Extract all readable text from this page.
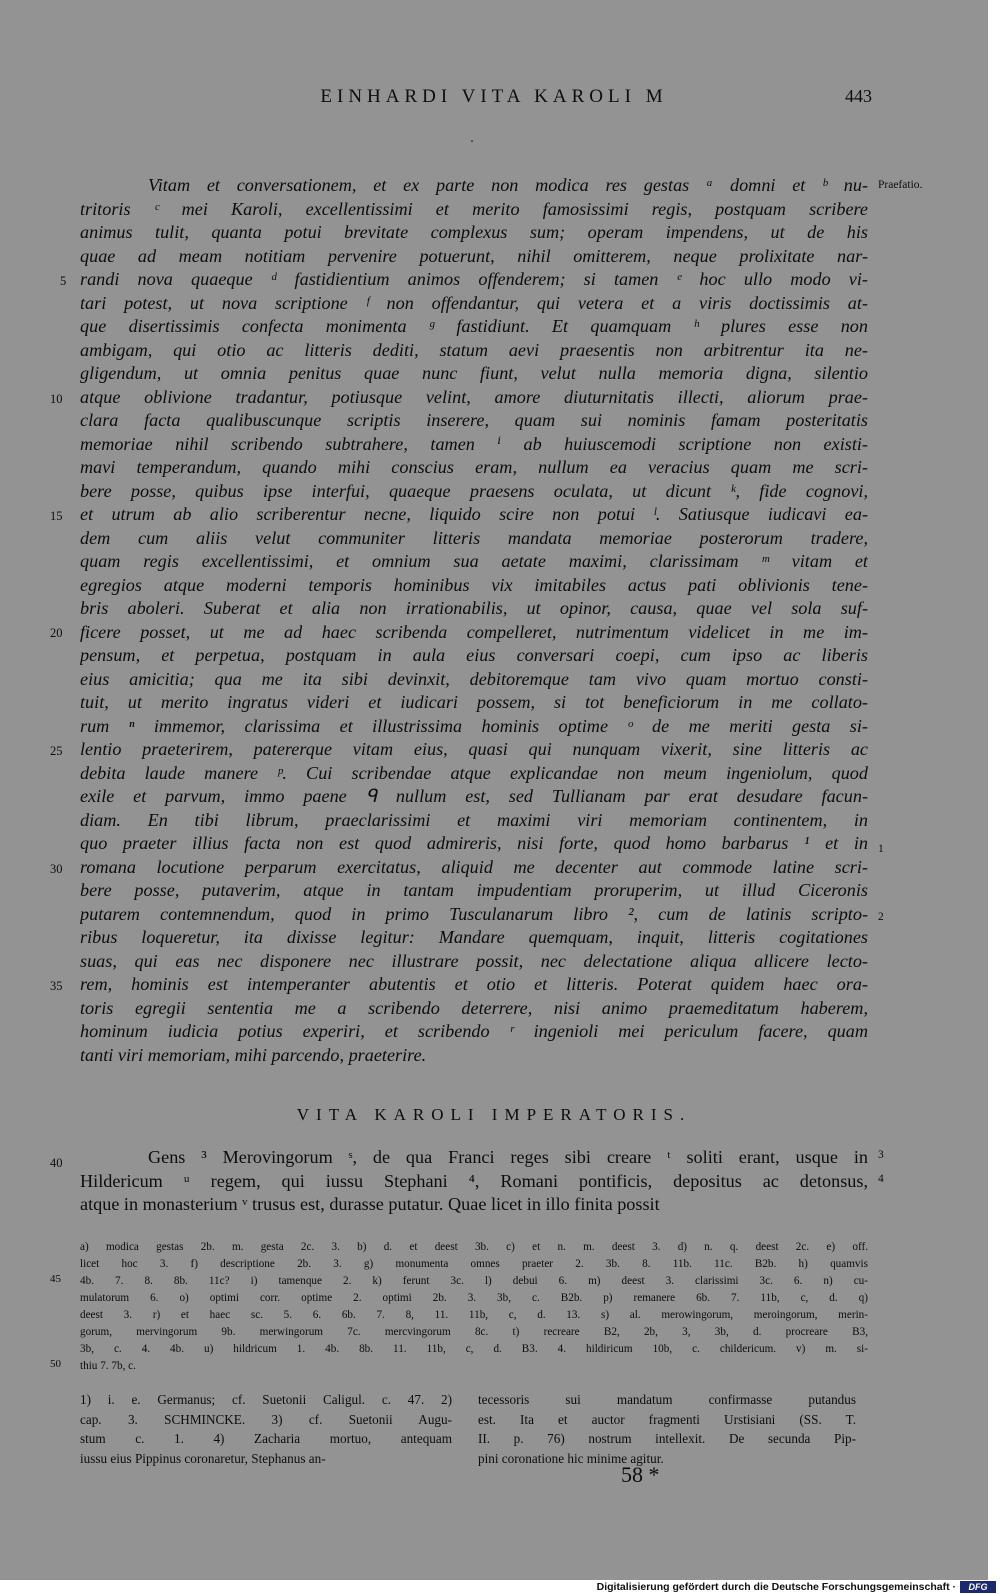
EINHARDI VITA KAROLI M	443
Vitam et conversationem, et ex parte non modica res gestas ᵃ domni et ᵇ nu-
tritoris ᶜ mei Karoli, excellentissimi et merito famosissimi regis, postquam scribere
animus tulit, quanta potui brevitate complexus sum; operam impendens, ut de his
quae ad meam notitiam pervenire potuerunt, nihil omitterem, neque prolixitate nar-
randi nova quaeque ᵈ fastidientium animos offenderem; si tamen ᵉ hoc ullo modo vi-
tari potest, ut nova scriptione ᶠ non offendantur, qui vetera et a viris doctissimis at-
que disertissimis confecta monimenta ᵍ fastidiunt. Et quamquam ʰ plures esse non
ambigam, qui otio ac litteris dediti, statum aevi praesentis non arbitrentur ita ne-
gligendum, ut omnia penitus quae nunc fiunt, velut nulla memoria digna, silentio
atque oblivione tradantur, potiusque velint, amore diuturnitatis illecti, aliorum prae-
clara facta qualibuscunque scriptis inserere, quam sui nominis famam posteritatis
memoriae nihil scribendo subtrahere, tamen ⁱ ab huiuscemodi scriptione non existi-
mavi temperandum, quando mihi conscius eram, nullum ea veracius quam me scri-
bere posse, quibus ipse interfui, quaeque praesens oculata, ut dicunt ᵏ, fide cognovi,
et utrum ab alio scriberentur necne, liquido scire non potui ˡ. Satiusque iudicavi ea-
dem cum aliis velut communiter litteris mandata memoriae posterorum tradere,
quam regis excellentissimi, et omnium sua aetate maximi, clarissimam ᵐ vitam et
egregios atque moderni temporis hominibus vix imitabiles actus pati oblivionis tene-
bris aboleri. Suberat et alia non irrationabilis, ut opinor, causa, quae vel sola suf-
ficere posset, ut me ad haec scribenda compelleret, nutrimentum videlicet in me im-
pensum, et perpetua, postquam in aula eius conversari coepi, cum ipso ac liberis
eius amicitia; qua me ita sibi devinxit, debitoremque tam vivo quam mortuo consti-
tuit, ut merito ingratus videri et iudicari possem, si tot beneficiorum in me collato-
rum ⁿ immemor, clarissima et illustrissima hominis optime ᵒ de me meriti gesta si-
lentio praeterirem, patererque vitam eius, quasi qui nunquam vixerit, sine litteris ac
debita laude manere ᵖ. Cui scribendae atque explicandae non meum ingeniolum, quod
exile et parvum, immo paene ᑫ nullum est, sed Tullianam par erat desudare facun-
diam. En tibi librum, praeclarissimi et maximi viri memoriam continentem, in
quo praeter illius facta non est quod admireris, nisi forte, quod homo barbarus ¹ et in
romana locutione perparum exercitatus, aliquid me decenter aut commode latine scri-
bere posse, putaverim, atque in tantam impudentiam proruperim, ut illud Ciceronis
putarem contemnendum, quod in primo Tusculanarum libro ², cum de latinis scripto-
ribus loqueretur, ita dixisse legitur: Mandare quemquam, inquit, litteris cogitationes
suas, qui eas nec disponere nec illustrare possit, nec delectatione aliqua allicere lecto-
rem, hominis est intemperanter abutentis et otio et litteris. Poterat quidem haec ora-
toris egregii sententia me a scribendo deterrere, nisi animo praemeditatum haberem,
hominum iudicia potius experiri, et scribendo ʳ ingenioli mei periculum facere, quam
tanti viri memoriam, mihi parcendo, praeterire.
Praefatio.
1
2
5
10
15
20
25
30
35
VITA KAROLI IMPERATORIS.
40	Gens ³ Merovingorum ˢ, de qua Franci reges sibi creare ᵗ soliti erant, usque in
Hildericum ᵘ regem, qui iussu Stephani ⁴, Romani pontificis, depositus ac detonsus,
atque in monasterium ᵛ trusus est, durasse putatur. Quae licet in illo finita possit
3
4
a) modica gestas 2b. m. gesta 2c. 3. b) d. et deest 3b. c) et n. m. deest 3. d) n. q. deest 2c. e) off.
licet hoc 3. f) descriptione 2b. 3. g) monumenta omnes praeter 2. 3b. 8. 11b. 11c. B2b. h) quamvis
4b. 7. 8. 8b. 11c? i) tamenque 2. k) ferunt 3c. l) debui 6. m) deest 3. clarissimi 3c. 6. n) cu-
mulatorum 6. o) optimi corr. optime 2. optimi 2b. 3. 3b, c. B2b. p) remanere 6b. 7. 11b, c, d. q)
deest 3. r) et haec sc. 5. 6. 6b. 7. 8, 11. 11b, c, d. 13. s) al. merowingorum, meroingorum, merin-
gorum, mervingorum 9b. merwingorum 7c. mercvingorum 8c. t) recreare B2, 2b, 3, 3b, d. procreare B3,
3b, c. 4. 4b. u) hildricum 1. 4b. 8b. 11. 11b, c, d. B3. 4. hildiricum 10b, c. childericum. v) m. si-
thiu 7. 7b, c.
45
50
1) i. e. Germanus; cf. Suetonii Caligul. c. 47. 2)
cap. 3. SCHMINCKE. 3) cf. Suetonii Augu-
stum c. 1. 4) Zacharia mortuo, antequam
iussu eius Pippinus coronaretur, Stephanus an-
tecessoris sui mandatum confirmasse putandus
est. Ita et auctor fragmenti Urstisiani (SS. T.
II. p. 76) nostrum intellexit. De secunda Pip-
pini coronatione hic minime agitur.
58 *
Digitalisierung gefördert durch die Deutsche Forschungsgemeinschaft ·	DFG
